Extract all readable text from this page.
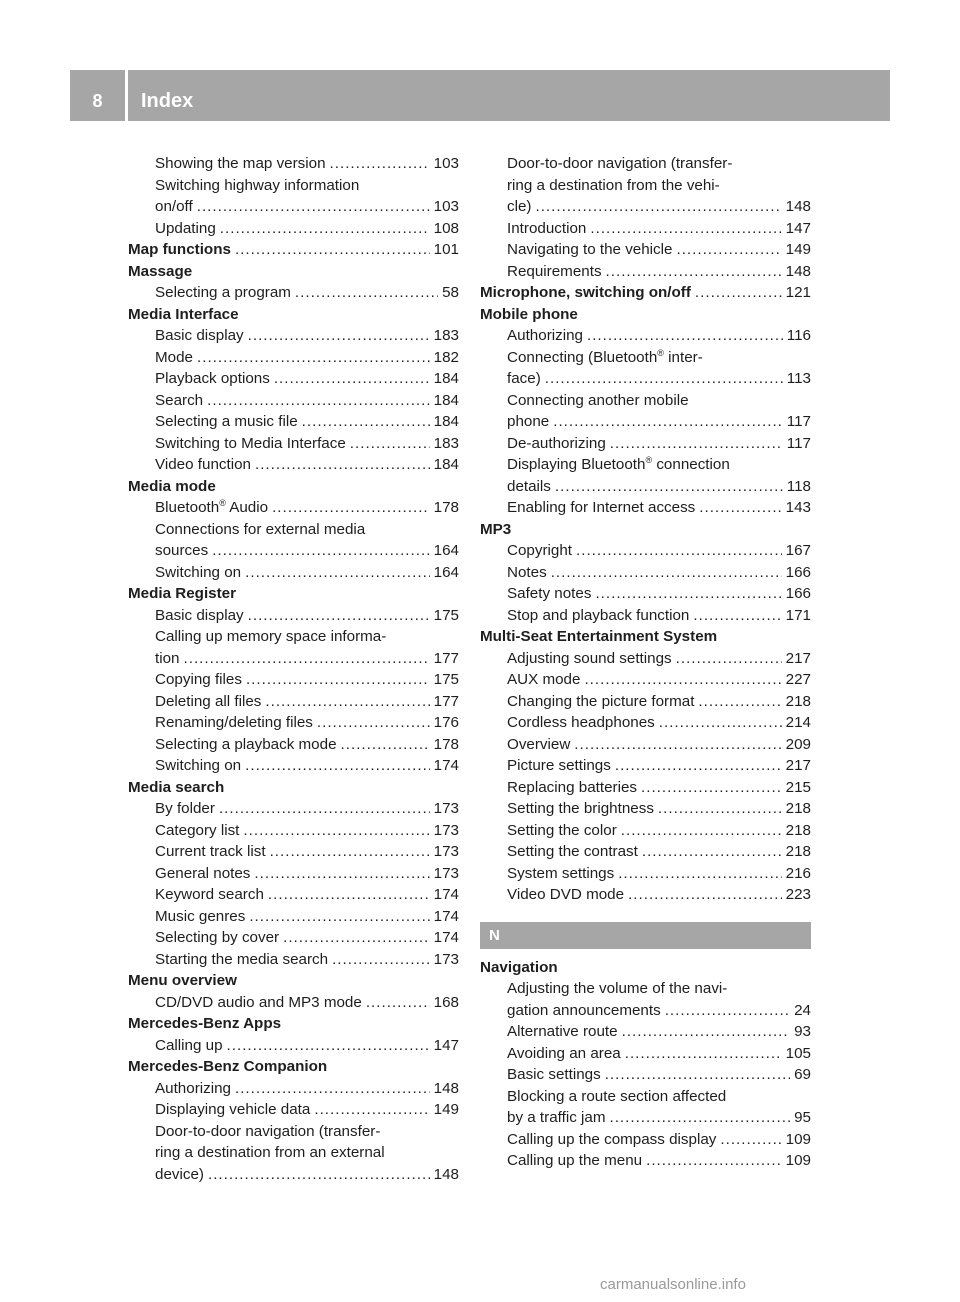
8	Index
Showing the map version .....	103
Switching highway information
on/off .....	103
Updating .....	108
Map functions .....	101
Massage
Selecting a program .....	58
Media Interface
Basic display .....	183
Mode .....	182
Playback options .....	184
Search .....	184
Selecting a music file .....	184
Switching to Media Interface .....	183
Video function .....	184
Media mode
Bluetooth® Audio .....	178
Connections for external media
sources .....	164
Switching on .....	164
Media Register
Basic display .....	175
Calling up memory space informa-
tion .....	177
Copying files .....	175
Deleting all files .....	177
Renaming/deleting files .....	176
Selecting a playback mode .....	178
Switching on .....	174
Media search
By folder .....	173
Category list .....	173
Current track list .....	173
General notes .....	173
Keyword search .....	174
Music genres .....	174
Selecting by cover .....	174
Starting the media search .....	173
Menu overview
CD/DVD audio and MP3 mode .....	168
Mercedes-Benz Apps
Calling up .....	147
Mercedes-Benz Companion
Authorizing .....	148
Displaying vehicle data .....	149
Door-to-door navigation (transfer-
ring a destination from an external
device) .....	148
Door-to-door navigation (transfer-
ring a destination from the vehi-
cle) .....	148
Introduction .....	147
Navigating to the vehicle .....	149
Requirements .....	148
Microphone, switching on/off .....	121
Mobile phone
Authorizing .....	116
Connecting (Bluetooth® inter-
face) .....	113
Connecting another mobile
phone .....	117
De-authorizing .....	117
Displaying Bluetooth® connection
details .....	118
Enabling for Internet access .....	143
MP3
Copyright .....	167
Notes .....	166
Safety notes .....	166
Stop and playback function .....	171
Multi-Seat Entertainment System
Adjusting sound settings .....	217
AUX mode .....	227
Changing the picture format .....	218
Cordless headphones .....	214
Overview .....	209
Picture settings .....	217
Replacing batteries .....	215
Setting the brightness .....	218
Setting the color .....	218
Setting the contrast .....	218
System settings .....	216
Video DVD mode .....	223
N
Navigation
Adjusting the volume of the navi-
gation announcements .....	24
Alternative route .....	93
Avoiding an area .....	105
Basic settings .....	69
Blocking a route section affected
by a traffic jam .....	95
Calling up the compass display .....	109
Calling up the menu .....	109
carmanualsonline.info
